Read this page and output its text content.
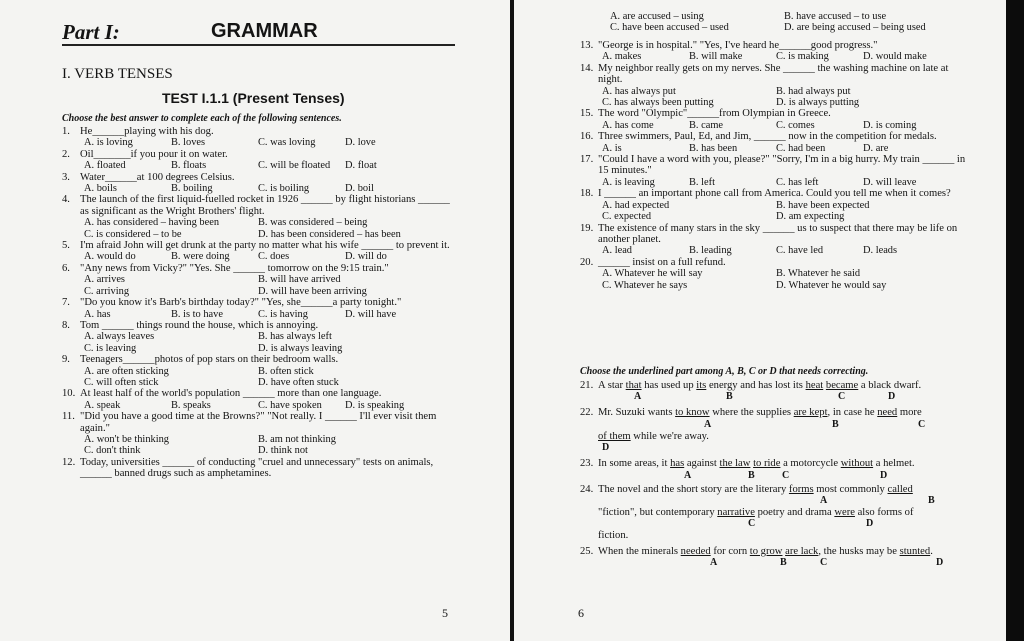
Part I:	GRAMMAR
I. VERB TENSES
TEST I.1.1 (Present Tenses)
Choose the best answer to complete each of the following sentences.
1. He______playing with his dog.
A. is loving	B. loves	C. was loving	D. love
2. Oil_______if you pour it on water.
A. floated	B. floats	C. will be floated	D. float
3. Water______at 100 degrees Celsius.
A. boils	B. boiling	C. is boiling	D. boil
4. The launch of the first liquid-fuelled rocket in 1926 ______ by flight historians ______ as significant as the Wright Brothers' flight.
A. has considered – having been	B. was considered – being
C. is considered – to be	D. has been considered – has been
5. I'm afraid John will get drunk at the party no matter what his wife ______ to prevent it.
A. would do	B. were doing	C. does	D. will do
6. "Any news from Vicky?" "Yes. She ______ tomorrow on the 9:15 train."
A. arrives	B. will have arrived
C. arriving	D. will have been arriving
7. "Do you know it's Barb's birthday today?" "Yes, she______a party tonight."
A. has	B. is to have	C. is having	D. will have
8. Tom ______ things round the house, which is annoying.
A. always leaves	B. has always left
C. is leaving	D. is always leaving
9. Teenagers______photos of pop stars on their bedroom walls.
A. are often sticking	B. often stick
C. will often stick	D. have often stuck
10. At least half of the world's population ______ more than one language.
A. speak	B. speaks	C. have spoken	D. is speaking
11. "Did you have a good time at the Browns?" "Not really. I ______ I'll ever visit them again."
A. won't be thinking	B. am not thinking
C. don't think	D. think not
12. Today, universities ______ of conducting "cruel and unnecessary" tests on animals, ______ banned drugs such as amphetamines.
5
A. are accused – using	B. have accused – to use
C. have been accused – used	D. are being accused – being used
13. "George is in hospital." "Yes, I've heard he______good progress."
A. makes	B. will make	C. is making	D. would make
14. My neighbor really gets on my nerves. She ______ the washing machine on late at night.
A. has always put	B. had always put
C. has always been putting	D. is always putting
15. The word "Olympic"______from Olympian in Greece.
A. has come	B. came	C. comes	D. is coming
16. Three swimmers, Paul, Ed, and Jim, ______ now in the competition for medals.
A. is	B. has been	C. had been	D. are
17. "Could I have a word with you, please?" "Sorry, I'm in a big hurry. My train ______ in 15 minutes."
A. is leaving	B. left	C. has left	D. will leave
18. I ______ an important phone call from America. Could you tell me when it comes?
A. had expected	B. have been expected
C. expected	D. am expecting
19. The existence of many stars in the sky ______ us to suspect that there may be life on another planet.
A. lead	B. leading	C. have led	D. leads
20. ______ insist on a full refund.
A. Whatever he will say	B. Whatever he said
C. Whatever he says	D. Whatever he would say
Choose the underlined part among A, B, C or D that needs correcting.
21. A star that has used up its energy and has lost its heat became a black dwarf.
A	B	C	D
22. Mr. Suzuki wants to know where the supplies are kept, in case he need more
A	B	C
of them while we're away.
D
23. In some areas, it has against the law to ride a motorcycle without a helmet.
A	B	C	D
24. The novel and the short story are the literary forms most commonly called
A	B
"fiction", but contemporary narrative poetry and drama were also forms of
C	D
fiction.
25. When the minerals needed for corn to grow are lack, the husks may be stunted.
A	B	C	D
6
